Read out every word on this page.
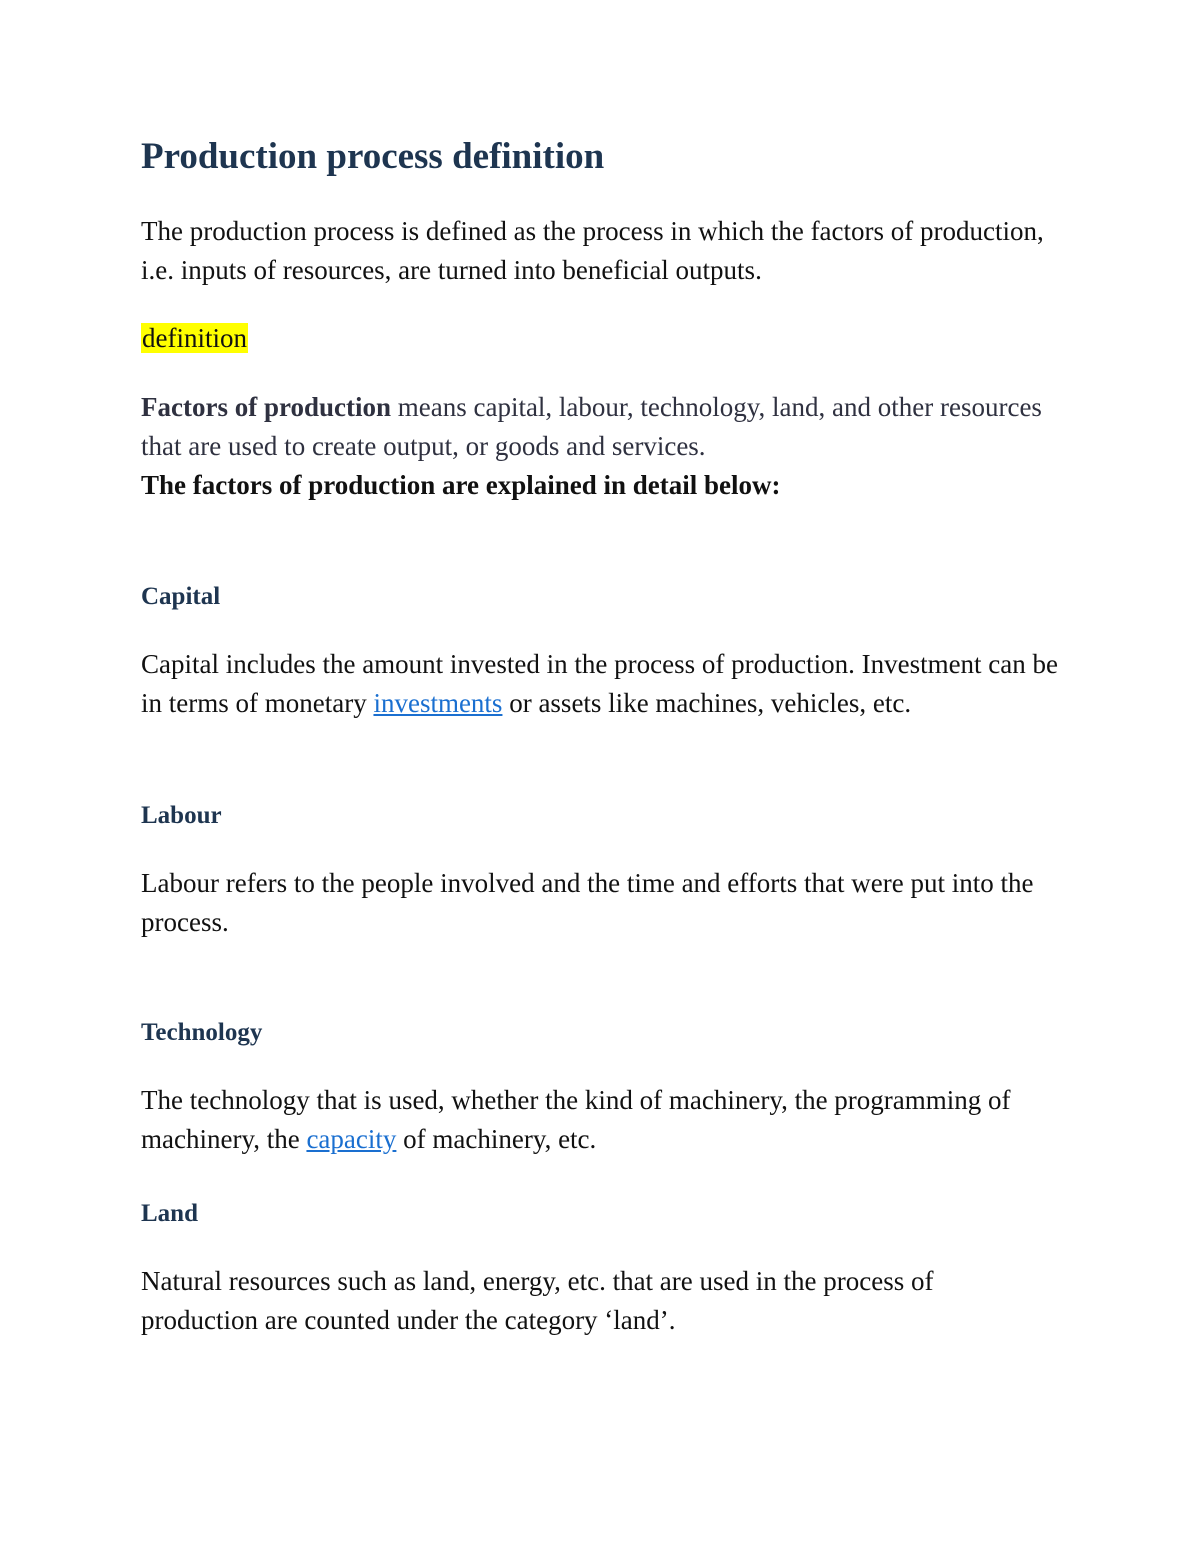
Production process definition

The production process is defined as the process in which the factors of production, i.e. inputs of resources, are turned into beneficial outputs.

definition

Factors of production means capital, labour, technology, land, and other resources that are used to create output, or goods and services.

The factors of production are explained in detail below:

Capital

Capital includes the amount invested in the process of production. Investment can be in terms of monetary investments or assets like machines, vehicles, etc.

Labour

Labour refers to the people involved and the time and efforts that were put into the process.

Technology

The technology that is used, whether the kind of machinery, the programming of machinery, the capacity of machinery, etc.

Land

Natural resources such as land, energy, etc. that are used in the process of production are counted under the category ‘land’.
